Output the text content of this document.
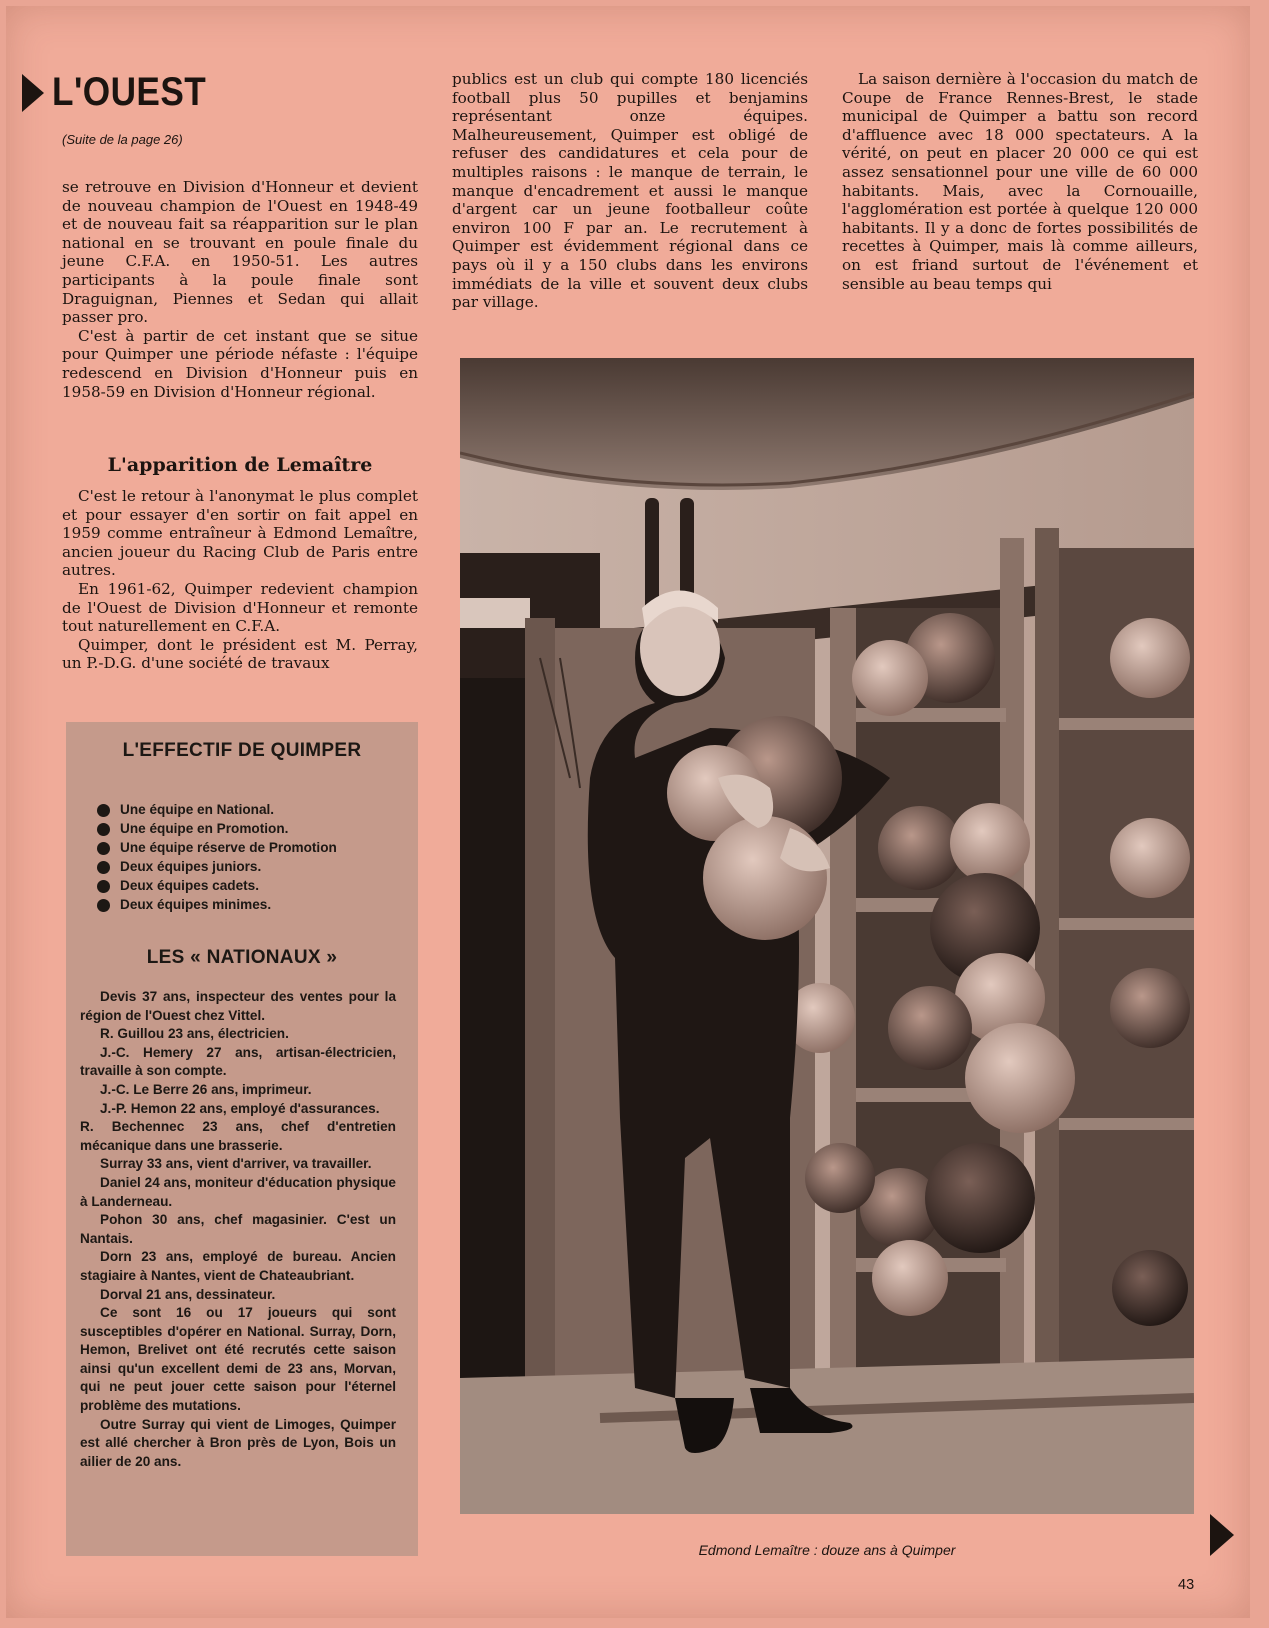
L'OUEST
(Suite de la page 26)

se retrouve en Division d'Honneur et devient de nouveau champion de l'Ouest en 1948-49 et de nouveau fait sa réapparition sur le plan national en se trouvant en poule finale du jeune C.F.A. en 1950-51. Les autres participants à la poule finale sont Draguignan, Piennes et Sedan qui allait passer pro.

C'est à partir de cet instant que se situe pour Quimper une période néfaste : l'équipe redescend en Division d'Honneur puis en 1958-59 en Division d'Honneur régional.

L'apparition de Lemaître

C'est le retour à l'anonymat le plus complet et pour essayer d'en sortir on fait appel en 1959 comme entraîneur à Edmond Lemaître, ancien joueur du Racing Club de Paris entre autres.

En 1961-62, Quimper redevient champion de l'Ouest de Division d'Honneur et remonte tout naturellement en C.F.A.

Quimper, dont le président est M. Perray, un P.-D.G. d'une société de travaux

publics est un club qui compte 180 licenciés football plus 50 pupilles et benjamins représentant onze équipes. Malheureusement, Quimper est obligé de refuser des candidatures et cela pour de multiples raisons : le manque de terrain, le manque d'encadrement et aussi le manque d'argent car un jeune footballeur coûte environ 100 F par an. Le recrutement à Quimper est évidemment régional dans ce pays où il y a 150 clubs dans les environs immédiats de la ville et souvent deux clubs par village.

La saison dernière à l'occasion du match de Coupe de France Rennes-Brest, le stade municipal de Quimper a battu son record d'affluence avec 18 000 spectateurs. A la vérité, on peut en placer 20 000 ce qui est assez sensationnel pour une ville de 60 000 habitants. Mais, avec la Cornouaille, l'agglomération est portée à quelque 120 000 habitants. Il y a donc de fortes possibilités de recettes à Quimper, mais là comme ailleurs, on est friand surtout de l'événement et sensible au beau temps qui

L'EFFECTIF DE QUIMPER
Une équipe en National.
Une équipe en Promotion.
Une équipe réserve de Promotion
Deux équipes juniors.
Deux équipes cadets.
Deux équipes minimes.
LES « NATIONAUX »

Devis 37 ans, inspecteur des ventes pour la région de l'Ouest chez Vittel.

R. Guillou 23 ans, électricien.

J.-C. Hemery 27 ans, artisan-électricien, travaille à son compte.

J.-C. Le Berre 26 ans, imprimeur.

J.-P. Hemon 22 ans, employé d'assurances.

R. Bechennec 23 ans, chef d'entretien mécanique dans une brasserie.

Surray 33 ans, vient d'arriver, va travailler.

Daniel 24 ans, moniteur d'éducation physique à Landerneau.

Pohon 30 ans, chef magasinier. C'est un Nantais.

Dorn 23 ans, employé de bureau. Ancien stagiaire à Nantes, vient de Chateaubriant.

Dorval 21 ans, dessinateur.

Ce sont 16 ou 17 joueurs qui sont susceptibles d'opérer en National. Surray, Dorn, Hemon, Brelivet ont été recrutés cette saison ainsi qu'un excellent demi de 23 ans, Morvan, qui ne peut jouer cette saison pour l'éternel problème des mutations.

Outre Surray qui vient de Limoges, Quimper est allé chercher à Bron près de Lyon, Bois un ailier de 20 ans.

Edmond Lemaître : douze ans à Quimper
43
